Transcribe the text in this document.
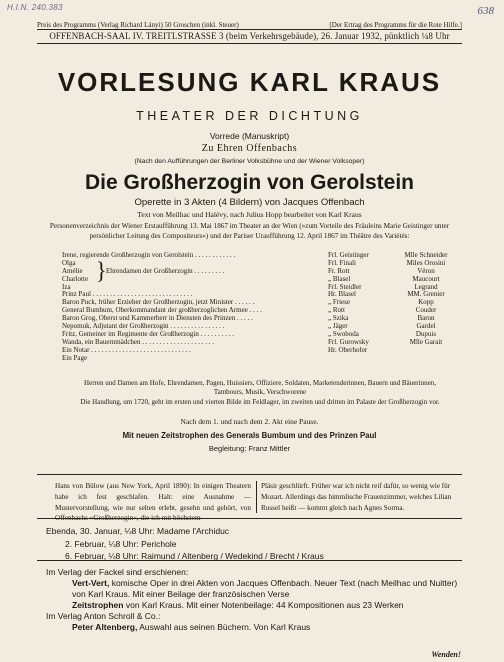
H.I.N. 240.383	638
Preis des Programms (Verlag Richard Lányi) 50 Groschen (inkl. Steuer)	[Der Ertrag des Programms für die Rote Hilfe.]
OFFENBACH-SAAL IV. TREITLSTRASSE 3 (beim Verkehrsgebäude), 26. Januar 1932, pünktlich ¼8 Uhr
VORLESUNG KARL KRAUS
THEATER DER DICHTUNG
Vorrede (Manuskript)
Zu Ehren Offenbachs
(Nach den Aufführungen der Berliner Volksbühne und der Wiener Volksoper)
Die Großherzogin von Gerolstein
Operette in 3 Akten (4 Bildern) von Jacques Offenbach
Text von Meilhac und Halévy, nach Julius Hopp bearbeitet von Karl Kraus
Personenverzeichnis der Wiener Erstaufführung 13. Mai 1867 im Theater an der Wien (»zum Vorteile des Fräuleins Marie Geistinger unter persönlicher Leitung des Compositeurs«) und der Pariser Uraufführung 12. April 1867 im Théâtre des Variétés:
} Ehrendamen der Großherzogin . . . . . . . . .
Irene, regierende Großherzogin von Gerolstein . . . . . . . . . . . .	Frl. Geistinger	Mlle Schneider
Olga	Frl. Finali	Miles Orosini
Amélie	Fr. Rott	Véron
Charlotte	„ Blasel	Maucourt
Iza	Frl. Steidler	Legrand
Prinz Paul . . . . . . . . . . . . . . . . . . . . . . . . . . . . .	Hr. Blasel	MM. Grenier
Baron Puck, früher Erzieher der Großherzogin, jetzt Minister . . . . . .	„ Friese	Kopp
General Bumbum, Oberkommandant der großherzoglichen Armee . . . .	„ Rott	Couder
Baron Grog, Oberst und Kammerherr in Diensten des Prinzen . . . . .	„ Szika	Baron
Nepomuk, Adjutant der Großherzogin . . . . . . . . . . . . . . . .	„ Jäger	Gardel
Fritz, Gemeiner im Regimente der Großherzogin . . . . . . . . . .	„ Swoboda	Dupuis
Wanda, ein Bauernmädchen . . . . . . . . . . . . . . . . . . . . .	Frl. Gurowsky	Mlle Garait
Ein Notar . . . . . . . . . . . . . . . . . . . . . . . . . . . . .	Hr. Oberhofer
Ein Page
Herren und Damen am Hofe, Ehrendamen, Pagen, Huissiers, Offiziere, Soldaten, Marketenderinnen, Bauern und Bäuerinnen, Tambours, Musik, Verschworene
Die Handlung, um 1720, geht im ersten und vierten Bilde im Feldlager, im zweiten und dritten im Palaste der Großherzogin vor.
Nach dem 1. und nach dem 2. Akt eine Pause.
Mit neuen Zeitstrophen des Generals Bumbum und des Prinzen Paul
Begleitung: Franz Mittler
Hans von Bülow (aus New York, April 1890): In einigen Theatern habe ich fest geschlafen. Halt: eine Ausnahme — Mustervorstellung, wie nur selten erlebt, gesehn und gehört, von Offenbachs »Großherzogin«, die ich mit höchstem
Pläsir geschlürft. Früher war ich nicht reif dafür, so wenig wie für Mozart. Allerdings das himmlische Frauenzimmer, welches Lilian Russel heißt — kommt gleich nach Agnes Sorma.
Ebenda, 30. Januar, ¼8 Uhr: Madame l'Archiduc
2. Februar, ¼8 Uhr: Perichole
6. Februar, ¼8 Uhr: Raimund / Altenberg / Wedekind / Brecht / Kraus
Im Verlag der Fackel sind erschienen:
Vert-Vert, komische Oper in drei Akten von Jacques Offenbach. Neuer Text (nach Meilhac und Nuitter) von Karl Kraus. Mit einer Beilage der französischen Verse
Zeitstrophen von Karl Kraus. Mit einer Notenbeilage: 44 Kompositionen aus 23 Werken
Im Verlag Anton Schroll & Co.:
Peter Altenberg, Auswahl aus seinen Büchern. Von Karl Kraus
Wenden!
